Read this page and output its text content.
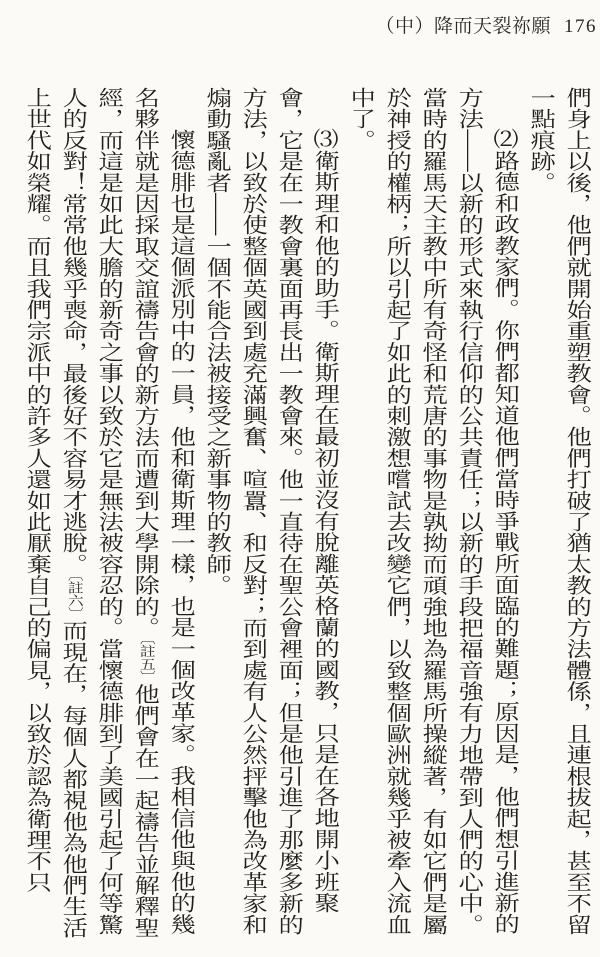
（中）降而天裂祢願 176

們身上以後，他們就開始重塑教會。他們打破了猶太教的方法體係，且連根拔起，甚至不留一點痕跡。

⑵路德和政教家們。你們都知道他們當時爭戰所面臨的難題；原因是，他們想引進新的方法——以新的形式來執行信仰的公共責任；以新的手段把福音強有力地帶到人們的心中。當時的羅馬天主教中所有奇怪和荒唐的事物是孰拗而頑強地為羅馬所操縱著，有如它們是屬於神授的權柄；所以引起了如此的刺激想嚐試去改變它們，以致整個歐洲就幾乎被牽入流血中了。

⑶衛斯理和他的助手。衛斯理在最初並沒有脫離英格蘭的國教，只是在各地開小班聚會，它是在一教會裏面再長出一教會來。他一直待在聖公會裡面；但是他引進了那麼多新的方法，以致於使整個英國到處充滿興奮、喧囂、和反對；而到處有人公然抨擊他為改革家和煽動騷亂者——一個不能合法被接受之新事物的教師。

懷德腓也是這個派別中的一員，他和衛斯理一樣，也是一個改革家。我相信他與他的幾名夥伴就是因採取交誼禱告會的新方法而遭到大學開除的。〔註五〕他們會在一起禱告並解釋聖經，而這是如此大膽的新奇之事以致於它是無法被容忍的。當懷德腓到了美國引起了何等驚人的反對！常常他幾乎喪命，最後好不容易才逃脫。〔註六〕而現在，每個人都視他為他們生活上世代如榮耀。而且我們宗派中的許多人還如此厭棄自己的偏見，以致於認為衛理不只
